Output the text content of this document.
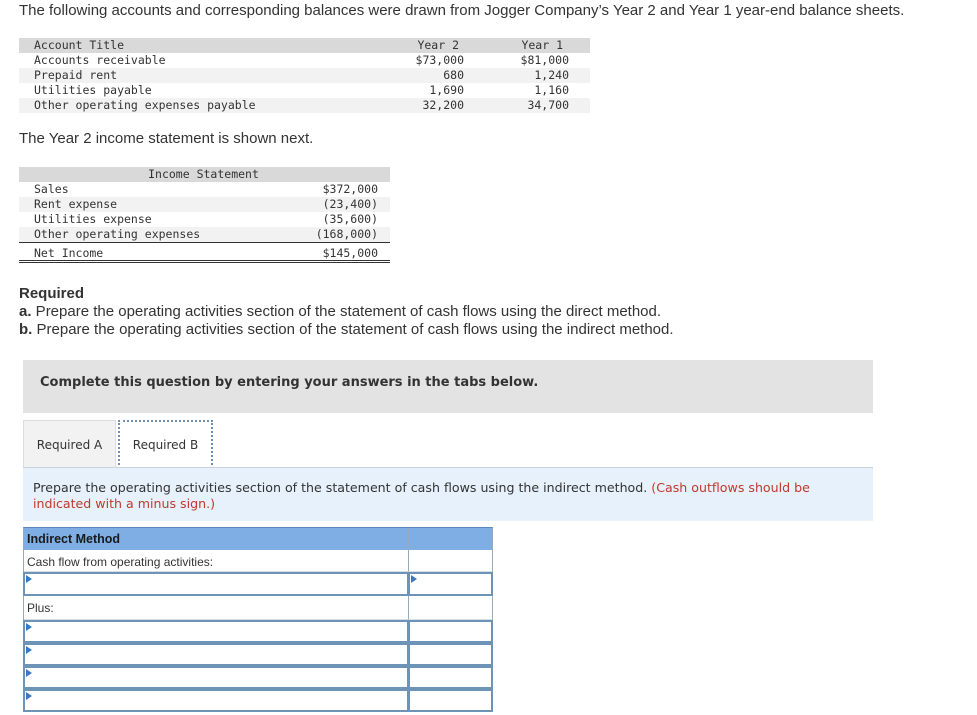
The following accounts and corresponding balances were drawn from Jogger Company’s Year 2 and Year 1 year-end balance sheets.
Account Title	Year 2	Year 1
Accounts receivable	$73,000	$81,000
Prepaid rent	680	1,240
Utilities payable	1,690	1,160
Other operating expenses payable	32,200	34,700
The Year 2 income statement is shown next.
Income Statement
Sales	$372,000
Rent expense	(23,400)
Utilities expense	(35,600)
Other operating expenses	(168,000)
Net Income	$145,000
Required
a. Prepare the operating activities section of the statement of cash flows using the direct method.
b. Prepare the operating activities section of the statement of cash flows using the indirect method.
Complete this question by entering your answers in the tabs below.
Required A	Required B
Prepare the operating activities section of the statement of cash flows using the indirect method. (Cash outflows should be indicated with a minus sign.)
Indirect Method
Cash flow from operating activities:
Plus:
